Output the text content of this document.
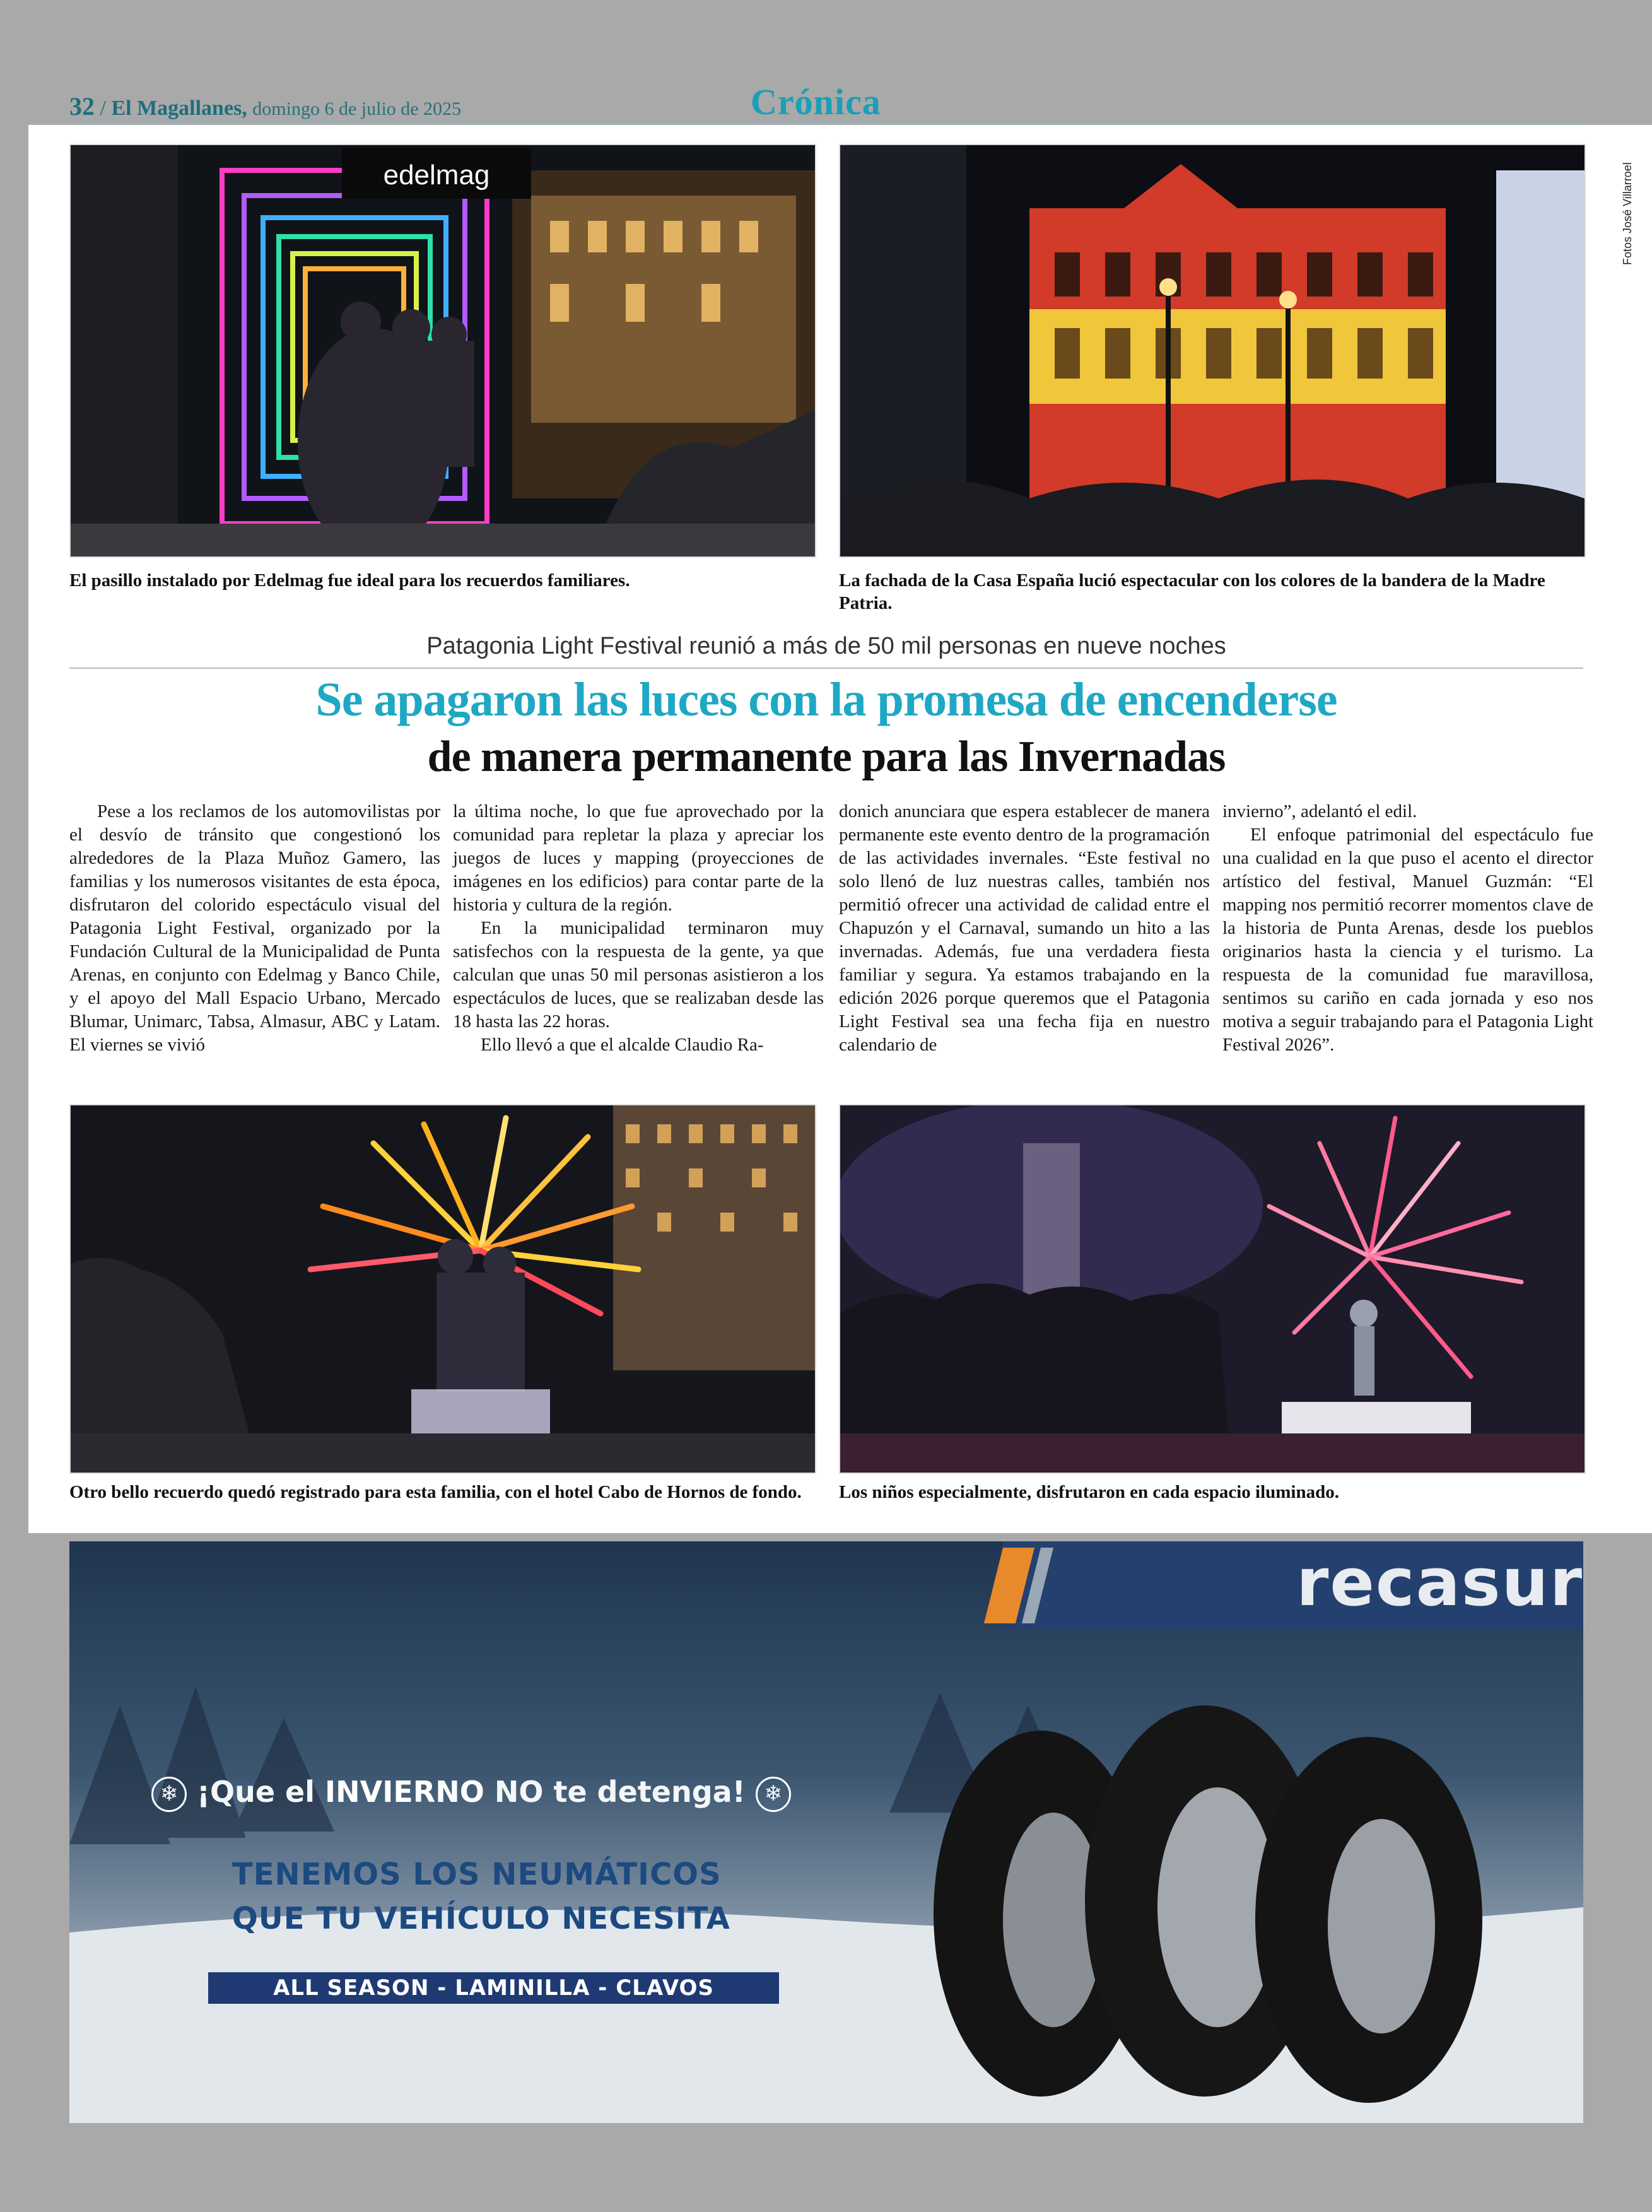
32 / El Magallanes, domingo 6 de julio de 2025	Crónica
edelmag
El pasillo instalado por Edelmag fue ideal para los recuerdos familiares.	La fachada de la Casa España lució espectacular con los colores de la bandera de la Madre Patria.
Fotos José Villarroel
Patagonia Light Festival reunió a más de 50 mil personas en nueve noches
Se apagaron las luces con la promesa de encenderse
de manera permanente para las Invernadas

Pese a los reclamos de los automovilistas por el desvío de tránsito que congestionó los alrededores de la Plaza Muñoz Gamero, las familias y los numerosos visitantes de esta época, disfrutaron del colorido espectáculo visual del Patagonia Light Festival, organizado por la Fundación Cultural de la Municipalidad de Punta Arenas, en conjunto con Edelmag y Banco Chile, y el apoyo del Mall Espacio Urbano, Mercado Blumar, Unimarc, Tabsa, Almasur, ABC y Latam. El viernes se vivió

la última noche, lo que fue aprovechado por la comunidad para repletar la plaza y apreciar los juegos de luces y mapping (proyecciones de imágenes en los edificios) para contar parte de la historia y cultura de la región.

En la municipalidad terminaron muy satisfechos con la respuesta de la gente, ya que calculan que unas 50 mil personas asistieron a los espectáculos de luces, que se realizaban desde las 18 hasta las 22 horas.

Ello llevó a que el alcalde Claudio Ra-

donich anunciara que espera establecer de manera permanente este evento dentro de la programación de las actividades invernales. “Este festival no solo llenó de luz nuestras calles, también nos permitió ofrecer una actividad de calidad entre el Chapuzón y el Carnaval, sumando un hito a las invernadas. Además, fue una verdadera fiesta familiar y segura. Ya estamos trabajando en la edición 2026 porque queremos que el Patagonia Light Festival sea una fecha fija en nuestro calendario de

invierno”, adelantó el edil.

El enfoque patrimonial del espectáculo fue una cualidad en la que puso el acento el director artístico del festival, Manuel Guzmán: “El mapping nos permitió recorrer momentos clave de la historia de Punta Arenas, desde los pueblos originarios hasta la ciencia y el turismo. La respuesta de la comunidad fue maravillosa, sentimos su cariño en cada jornada y eso nos motiva a seguir trabajando para el Patagonia Light Festival 2026”.

Otro bello recuerdo quedó registrado para esta familia, con el hotel Cabo de Hornos de fondo.	Los niños especialmente, disfrutaron en cada espacio iluminado.
recasur
❄ ¡Que el INVIERNO NO te detenga! ❄
TENEMOS LOS NEUMÁTICOS
QUE TU VEHÍCULO NECESITA
ALL SEASON - LAMINILLA - CLAVOS
